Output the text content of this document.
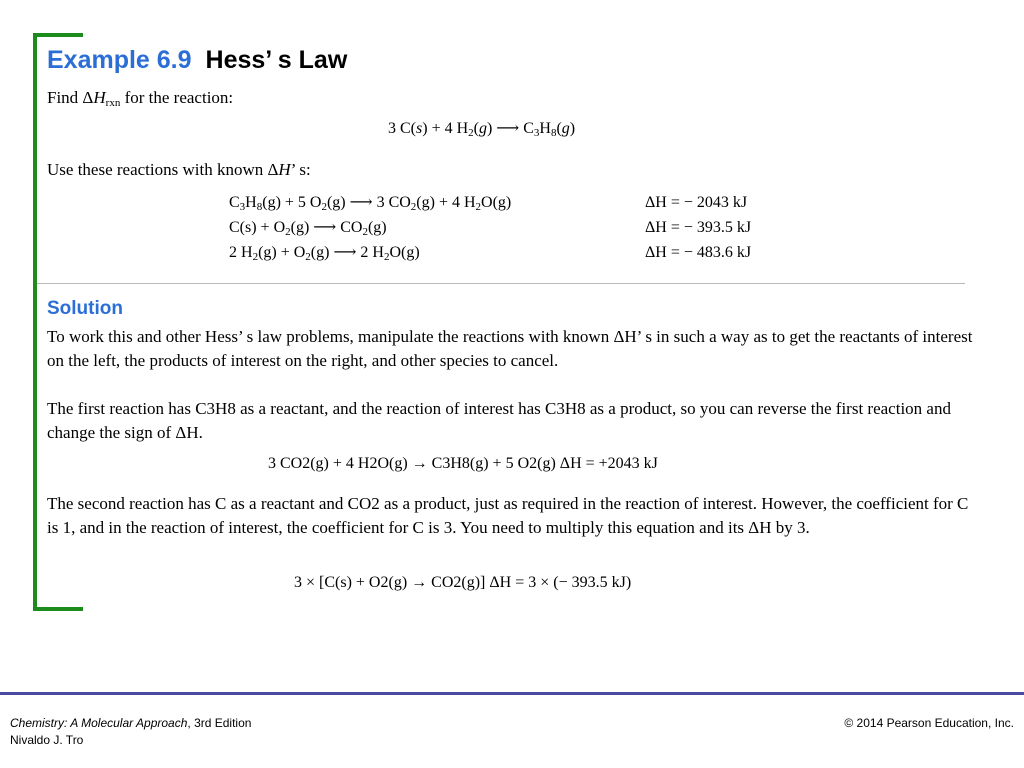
Example 6.9 Hess’ s Law
Find $\Delta H_{rxn}$ for the reaction:
3 C(s) + 4 $H_2(g)$ ⟶ $C_3H_8(g)$
Use these reactions with known ΔH’ s:
$C_3H_8(g) + 5$ $O_2(g)$ ⟶ 3 $CO_2(g) + 4$ $H_2O(g)$	ΔH = − 2043 kJ
$C(s) + O_2(g)$ ⟶ $CO_2(g)$	ΔH = − 393.5 kJ
2 $H_2(g) + O_2(g)$ ⟶ 2 $H_2O(g)$	ΔH = − 483.6 kJ
Solution
To work this and other Hess’ s law problems, manipulate the reactions with known ΔH’ s in such a way as to get the reactants of interest on the left, the products of interest on the right, and other species to cancel.
The first reaction has C3H8 as a reactant, and the reaction of interest has C3H8 as a product, so you can reverse the first reaction and change the sign of ΔH.
3 CO2(g) + 4 H2O(g) → C3H8(g) + 5 O2(g) ΔH = +2043 kJ
The second reaction has C as a reactant and CO2 as a product, just as required in the reaction of interest. However, the coefficient for C is 1, and in the reaction of interest, the coefficient for C is 3. You need to multiply this equation and its ΔH by 3.
3 × [C(s) + O2(g) → CO2(g)] ΔH = 3 × (− 393.5 kJ)
Chemistry: A Molecular Approach, 3rd Edition
Nivaldo J. Tro
© 2014 Pearson Education, Inc.
